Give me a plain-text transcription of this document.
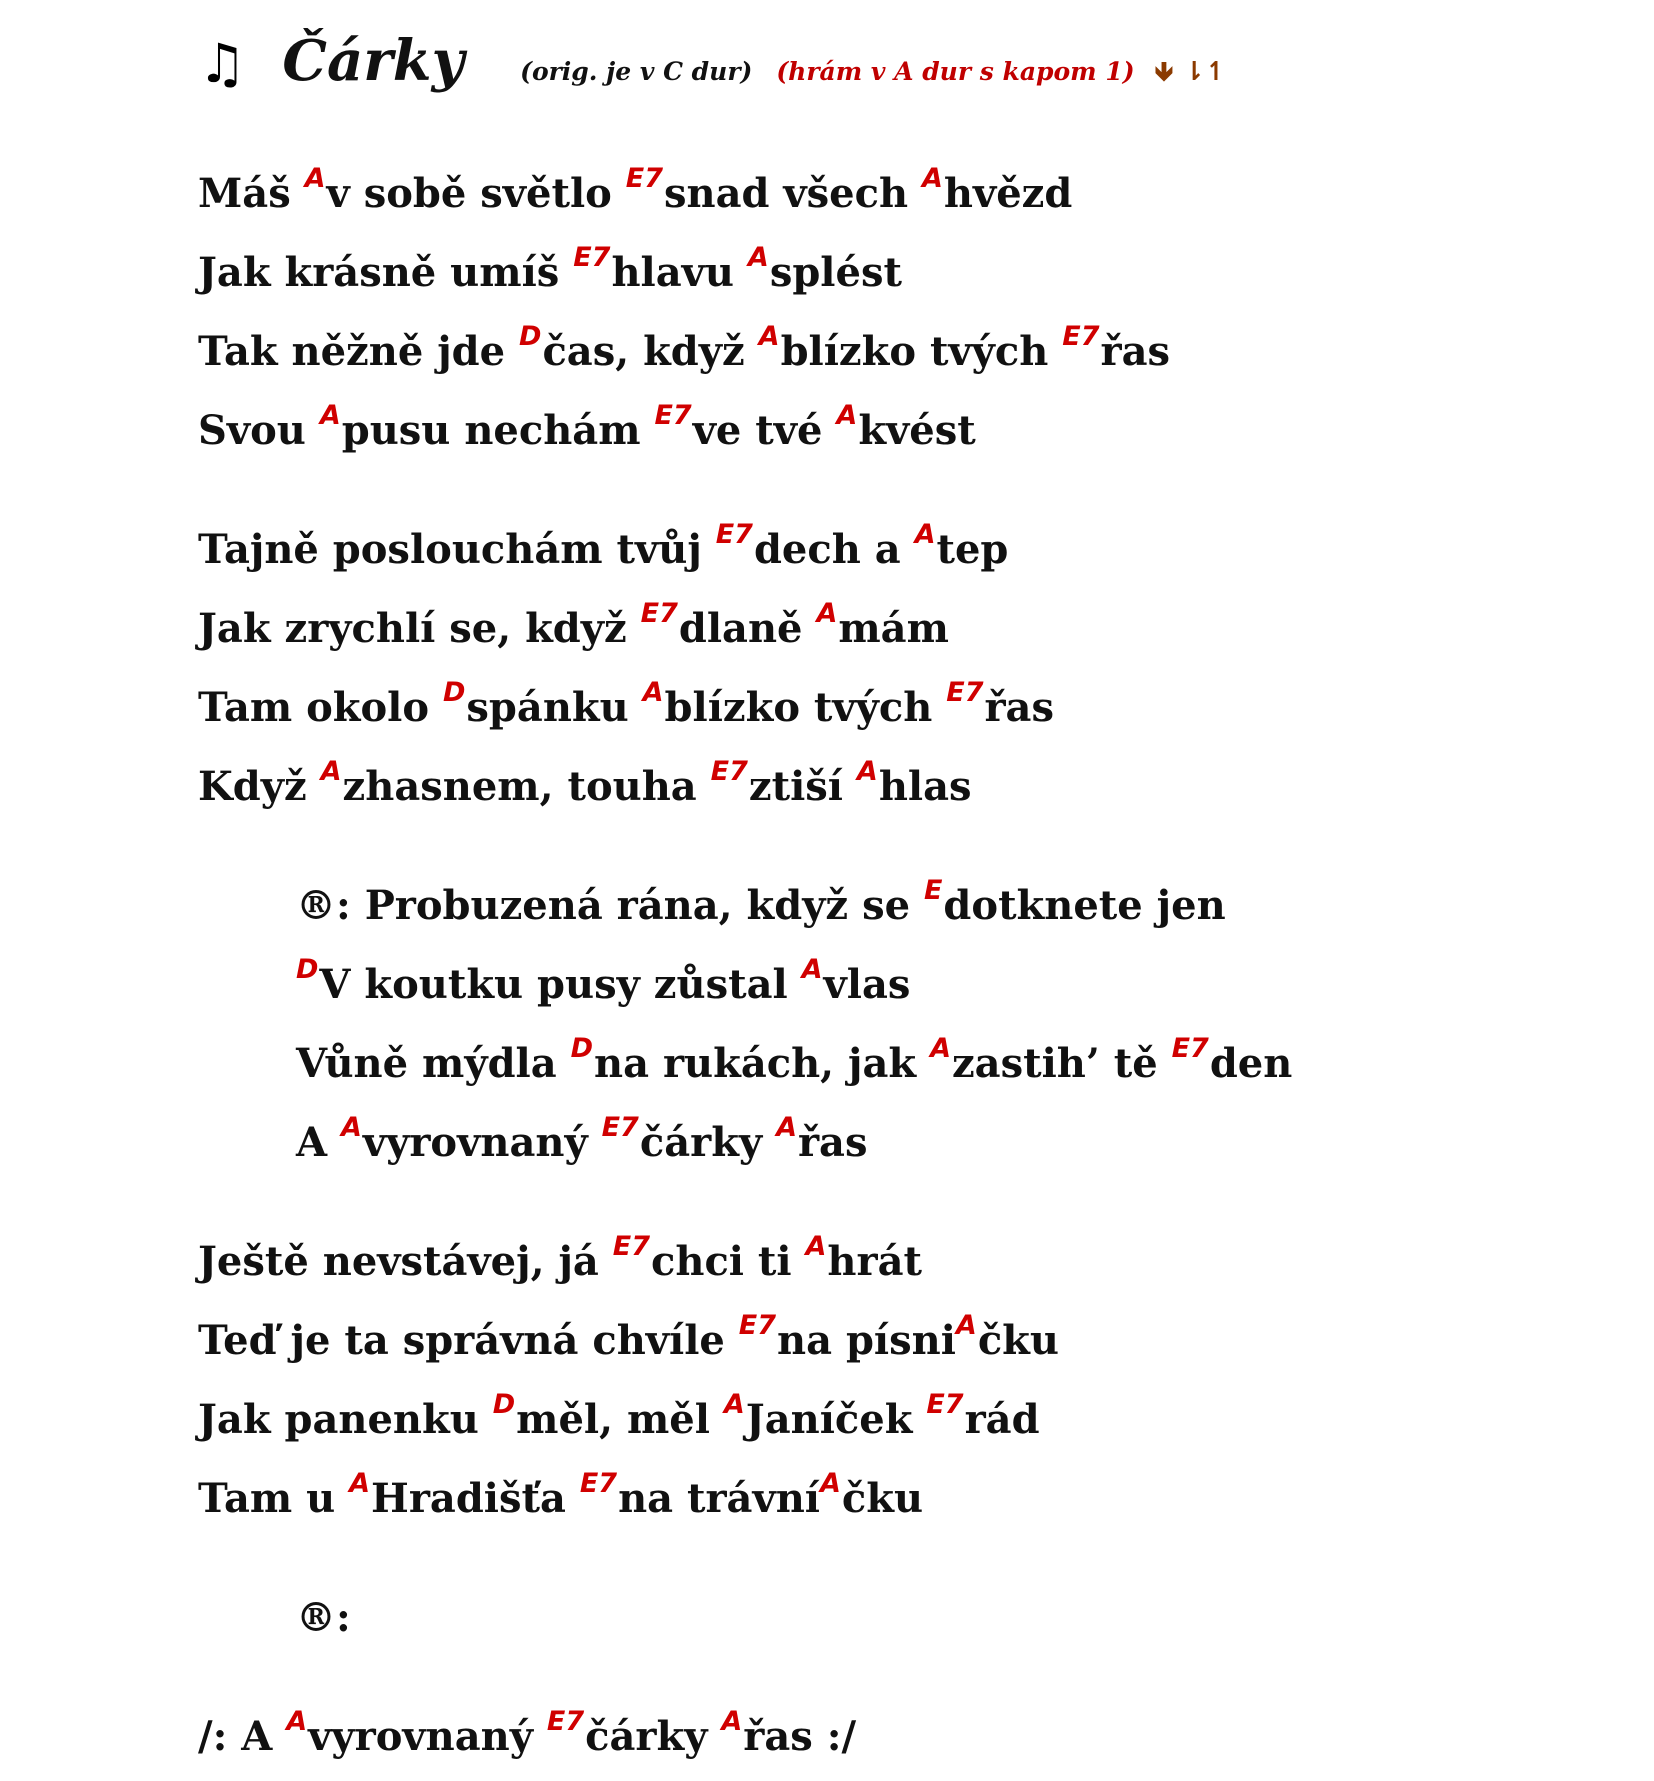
♫ Čárky (orig. je v C dur) (hrám v A dur s kapom 1) 🡻 ⇂↿
Máš $^A$v sobě světlo $^{E7}$snad všech $^A$hvězd
Jak krásně umíš $^{E7}$hlavu $^A$splést
Tak něžně jde $^D$čas, když $^A$blízko tvých $^{E7}$řas
Svou $^A$pusu nechám $^{E7}$ve tvé $^A$kvést
Tajně poslouchám tvůj $^{E7}$dech a $^A$tep
Jak zrychlí se, když $^{E7}$dlaně $^A$mám
Tam okolo $^D$spánku $^A$blízko tvých $^{E7}$řas
Když $^A$zhasnem, touha $^{E7}$ztiší $^A$hlas
®: Probuzená rána, když se $^E$dotknete jen
$^D$V koutku pusy zůstal $^A$vlas
Vůně mýdla $^D$na rukách, jak $^A$zastih’ tě $^{E7}$den
A $^A$vyrovnaný $^{E7}$čárky $^A$řas
Ještě nevstávej, já $^{E7}$chci ti $^A$hrát
Teď je ta správná chvíle $^{E7}$na písni$^A$čku
Jak panenku $^D$měl, měl $^A$Janíček $^{E7}$rád
Tam u $^A$Hradišťa $^{E7}$na trávní$^A$čku
®:
/: A $^A$vyrovnaný $^{E7}$čárky $^A$řas :/
